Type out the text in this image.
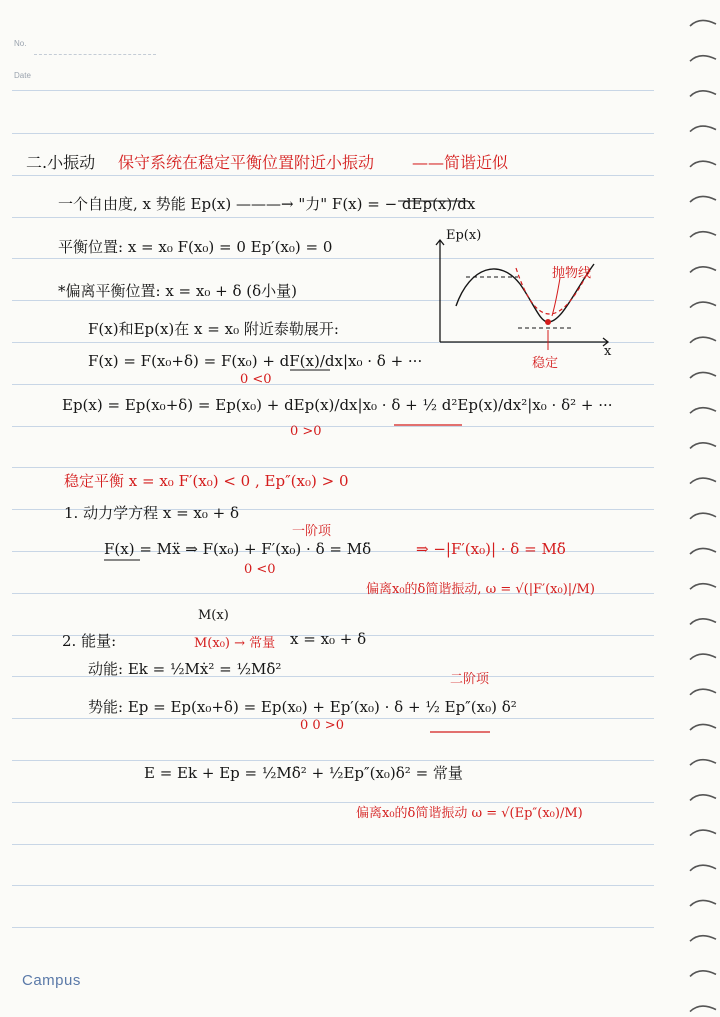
No.
Date
二.小振动 保守系统在稳定平衡位置附近小振动 ——简谐近似
一个自由度, x 势能 Ep(x) ———→ "力" F(x) = − dEp(x)/dx
平衡位置: x = x₀ F(x₀) = 0 Ep′(x₀) = 0
*偏离平衡位置: x = x₀ + δ (δ小量)
F(x)和Ep(x)在 x = x₀ 附近泰勒展开:
F(x) = F(x₀+δ) = F(x₀) + dF(x)/dx|x₀ · δ + ···
0 <0
Ep(x) = Ep(x₀+δ) = Ep(x₀) + dEp(x)/dx|x₀ · δ + ½ d²Ep(x)/dx²|x₀ · δ² + ···
0 >0
稳定平衡 x = x₀ F′(x₀) < 0 , Ep″(x₀) > 0
1. 动力学方程 x = x₀ + δ
一阶项
F(x) = Mẍ ⇒ F(x₀) + F′(x₀) · δ = Mδ̈
0 <0
⇒ −|F′(x₀)| · δ = Mδ̈
偏离x₀的δ简谐振动, ω = √(|F′(x₀)|/M)
M(x)
2. 能量:	M(x₀) → 常量 x = x₀ + δ
二阶项
动能: Ek = ½Mẋ² = ½Mδ̇²
势能: Ep = Ep(x₀+δ) = Ep(x₀) + Ep′(x₀) · δ + ½ Ep″(x₀) δ²
0 0 >0
E = Ek + Ep = ½Mδ̇² + ½Ep″(x₀)δ² = 常量
偏离x₀的δ简谐振动 ω = √(Ep″(x₀)/M)
Ep(x)
x
抛物线
稳定
Campus
